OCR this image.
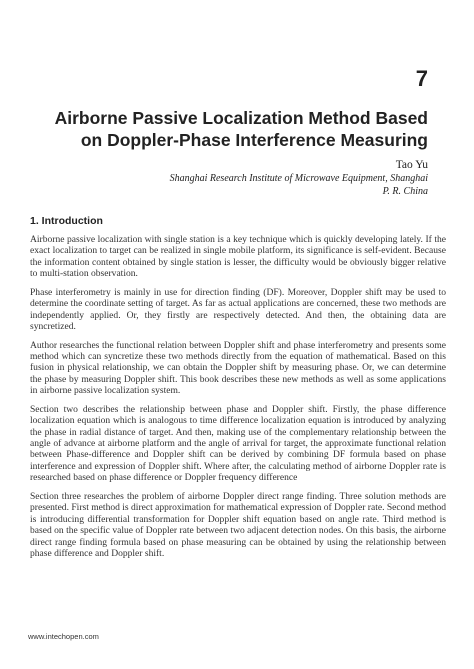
7
Airborne Passive Localization Method Based
on Doppler-Phase Interference Measuring
Tao Yu
Shanghai Research Institute of Microwave Equipment, Shanghai
P. R. China
1. Introduction

Airborne passive localization with single station is a key technique which is quickly developing lately. If the exact localization to target can be realized in single mobile platform, its significance is self-evident. Because the information content obtained by single station is lesser, the difficulty would be obviously bigger relative to multi-station observation.

Phase interferometry is mainly in use for direction finding (DF). Moreover, Doppler shift may be used to determine the coordinate setting of target. As far as actual applications are concerned, these two methods are independently applied. Or, they firstly are respectively detected. And then, the obtaining data are syncretized.

Author researches the functional relation between Doppler shift and phase interferometry and presents some method which can syncretize these two methods directly from the equation of mathematical. Based on this fusion in physical relationship, we can obtain the Doppler shift by measuring phase. Or, we can determine the phase by measuring Doppler shift. This book describes these new methods as well as some applications in airborne passive localization system.

Section two describes the relationship between phase and Doppler shift. Firstly, the phase difference localization equation which is analogous to time difference localization equation is introduced by analyzing the phase in radial distance of target. And then, making use of the complementary relationship between the angle of advance at airborne platform and the angle of arrival for target, the approximate functional relation between Phase-difference and Doppler shift can be derived by combining DF formula based on phase interference and expression of Doppler shift. Where after, the calculating method of airborne Doppler rate is researched based on phase difference or Doppler frequency difference

Section three researches the problem of airborne Doppler direct range finding. Three solution methods are presented. First method is direct approximation for mathematical expression of Doppler rate. Second method is introducing differential transformation for Doppler shift equation based on angle rate. Third method is based on the specific value of Doppler rate between two adjacent detection nodes. On this basis, the airborne direct range finding formula based on phase measuring can be obtained by using the relationship between phase difference and Doppler shift.

www.intechopen.com
